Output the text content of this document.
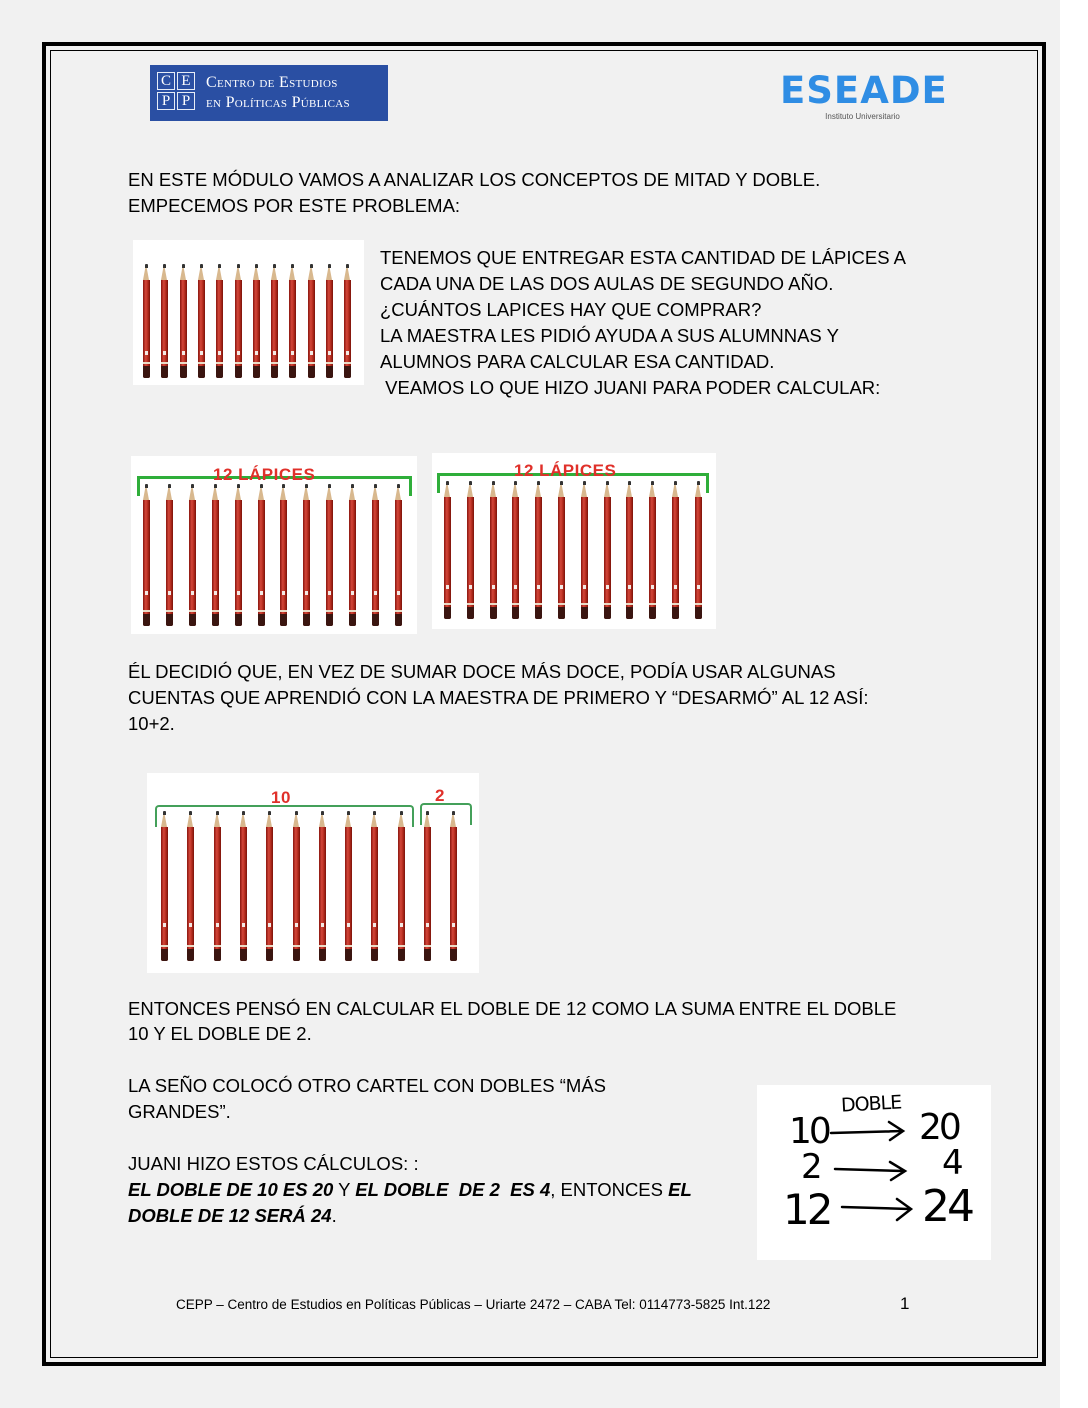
C E
P P
Centro de Estudios
en Políticas Públicas	ESEADE
Instituto Universitario
EN ESTE MÓDULO VAMOS A ANALIZAR LOS CONCEPTOS DE MITAD Y DOBLE.
EMPECEMOS POR ESTE PROBLEMA:
TENEMOS QUE ENTREGAR ESTA CANTIDAD DE LÁPICES A
CADA UNA DE LAS DOS AULAS DE SEGUNDO AÑO.
¿CUÁNTOS LAPICES HAY QUE COMPRAR?
LA MAESTRA LES PIDIÓ AYUDA A SUS ALUMNNAS Y
ALUMNOS PARA CALCULAR ESA CANTIDAD.
VEAMOS LO QUE HIZO JUANI PARA PODER CALCULAR:
12 LÁPICES	12 LÁPICES
ÉL DECIDIÓ QUE, EN VEZ DE SUMAR DOCE MÁS DOCE, PODÍA USAR ALGUNAS
CUENTAS QUE APRENDIÓ CON LA MAESTRA DE PRIMERO Y “DESARMÓ” AL 12 ASÍ:
10+2.
10	2
ENTONCES PENSÓ EN CALCULAR EL DOBLE DE 12 COMO LA SUMA ENTRE EL DOBLE
10 Y EL DOBLE DE 2.
LA SEÑO COLOCÓ OTRO CARTEL CON DOBLES “MÁS
GRANDES”.
JUANI HIZO ESTOS CÁLCULOS: :
EL DOBLE DE 10 ES 20 Y EL DOBLE  DE 2  ES 4, ENTONCES EL
DOBLE DE 12 SERÁ 24.
DOBLE
10	20
2	4
12 24
CEPP – Centro de Estudios en Políticas Públicas – Uriarte 2472 – CABA Tel: 0114773-5825 Int.122	1
